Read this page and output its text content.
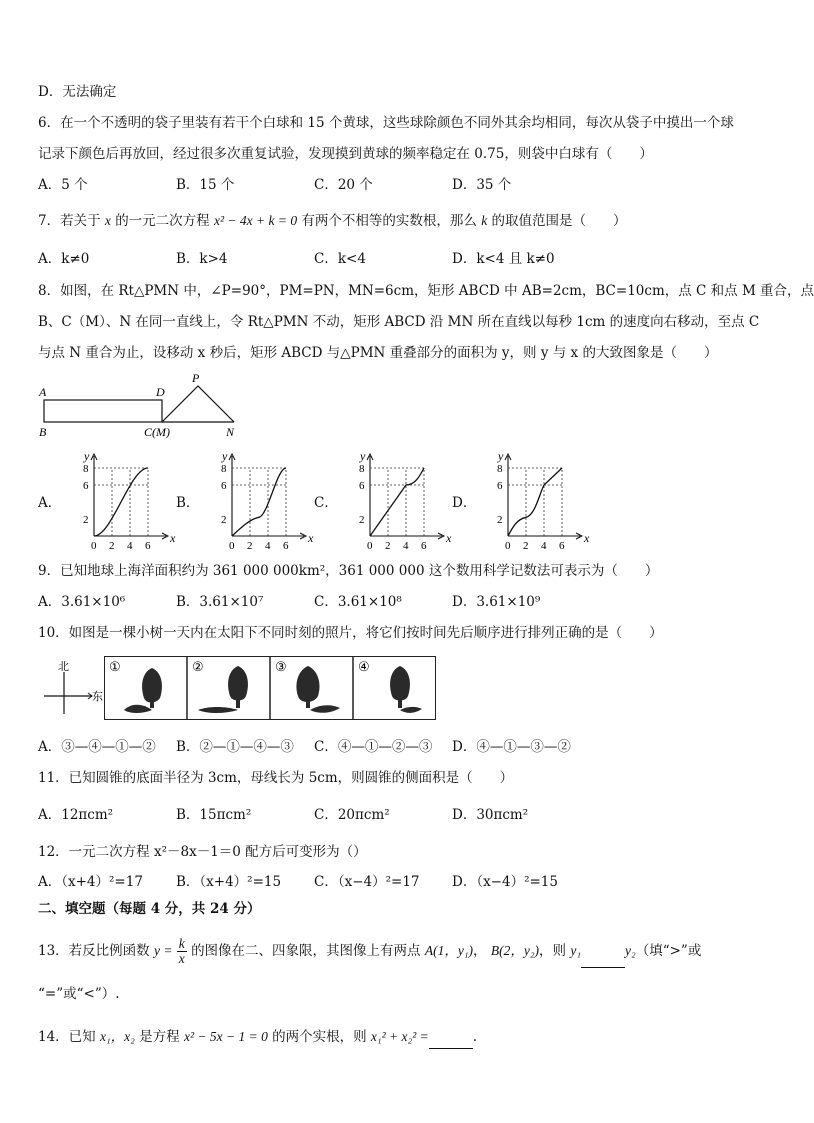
D．无法确定
6．在一个不透明的袋子里装有若干个白球和 15 个黄球，这些球除颜色不同外其余均相同，每次从袋子中摸出一个球
记录下颜色后再放回，经过很多次重复试验，发现摸到黄球的频率稳定在 0.75，则袋中白球有（　　）
A．5 个	B．15 个	C．20 个	D．35 个
7．若关于 x 的一元二次方程 x² − 4x + k = 0 有两个不相等的实数根，那么 k 的取值范围是（　　）
A．k≠0	B．k>4	C．k<4	D．k<4 且 k≠0
8．如图，在 Rt△PMN 中，∠P=90°，PM=PN，MN=6cm，矩形 ABCD 中 AB=2cm，BC=10cm，点 C 和点 M 重合，点
B、C（M）、N 在同一直线上，令 Rt△PMN 不动，矩形 ABCD 沿 MN 所在直线以每秒 1cm 的速度向右移动，至点 C
与点 N 重合为止，设移动 x 秒后，矩形 ABCD 与△PMN 重叠部分的面积为 y，则 y 与 x 的大致图象是（　　）
A	D
P
B	C(M)	N
A．
8
6
2
0 2 4 6
y
x
B．
8
6
2
0 2 4 6
y
x
C．
8
6
2
0 2 4 6
y
x
D．
8
6
2
0 2 4 6
y
x
9．已知地球上海洋面积约为 361 000 000km²，361 000 000 这个数用科学记数法可表示为（　　）
A．3.61×10⁶	B．3.61×10⁷	C．3.61×10⁸	D．3.61×10⁹
10．如图是一棵小树一天内在太阳下不同时刻的照片，将它们按时间先后顺序进行排列正确的是（　　）
北
东
①	②	③	④
A．③—④—①—② B．②—①—④—③ C．④—①—②—③ D．④—①—③—②
11．已知圆锥的底面半径为 3cm，母线长为 5cm，则圆锥的侧面积是（　　）
A．12πcm²	B．15πcm²	C．20πcm²	D．30πcm²
12．一元二次方程 x²－8x－1＝0 配方后可变形为（）
A．（x+4）²=17 B．（x+4）²=15 C．（x−4）²=17 D．（x−4）²=15
二、填空题（每题 4 分，共 24 分）
13．若反比例函数 $y = \frac{k}{x}$ 的图像在二、四象限，其图像上有两点 A(1，y₁)， B(2，y₂)，则 y₁	y₂（填“>”或
“=”或“<”）.
14．已知 x₁，x₂ 是方程 x² − 5x − 1 = 0 的两个实根，则 x₁² + x₂² =	.
